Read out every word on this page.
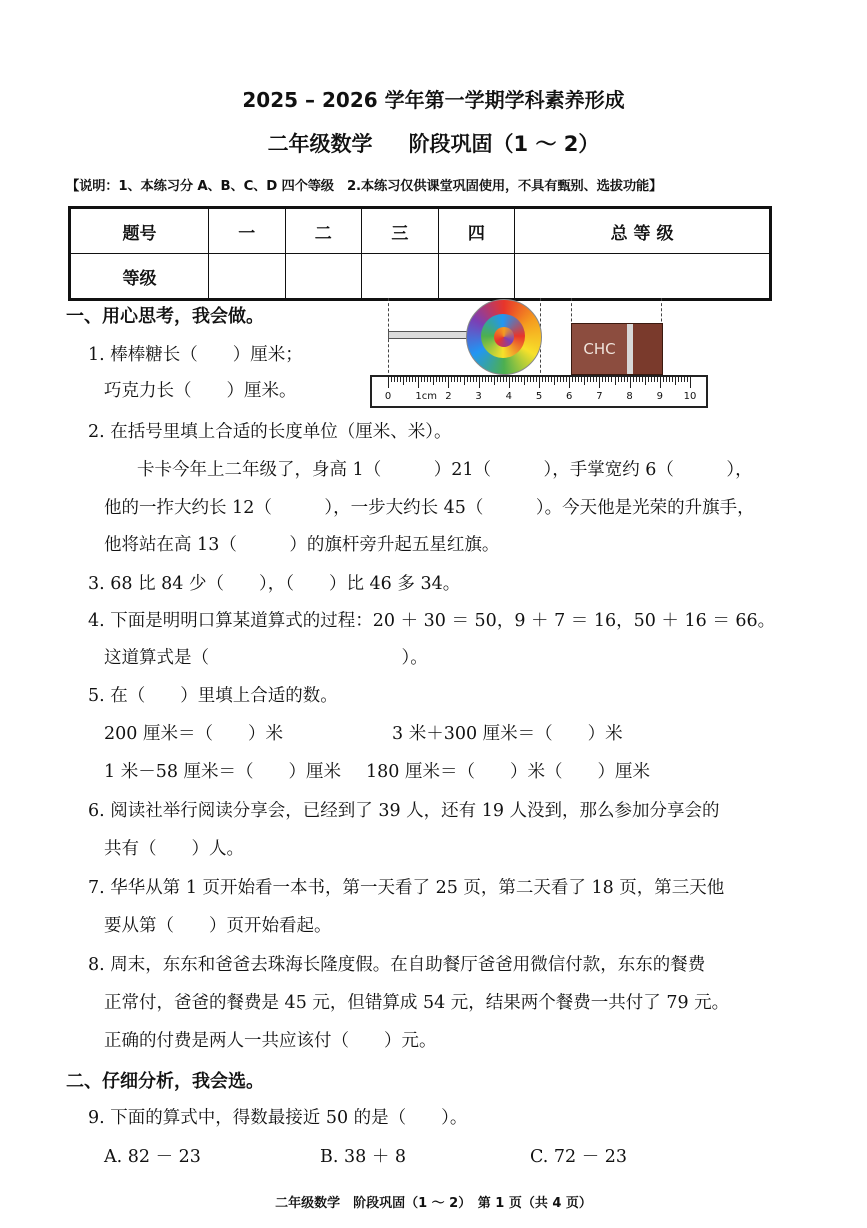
2025 – 2026 学年第一学期学科素养形成
二年级数学 阶段巩固（1 ～ 2）
【说明：1、本练习分 A、B、C、D 四个等级　2.本练习仅供课堂巩固使用，不具有甄别、选拔功能】
题号	一	二	三	四	总 等 级
等级					
CHC
0 1cm 2 3 4 5 6 7 8 9 10
一、用心思考，我会做。
1. 棒棒糖长（　　）厘米；
巧克力长（　　）厘米。
2. 在括号里填上合适的长度单位（厘米、米）。
卡卡今年上二年级了，身高 1（　　　）21（　　　），手掌宽约 6（　　　），
他的一拃大约长 12（　　　），一步大约长 45（　　　）。今天他是光荣的升旗手，
他将站在高 13（　　　）的旗杆旁升起五星红旗。
3. 68 比 84 少（　　），（　　）比 46 多 34。
4. 下面是明明口算某道算式的过程：20 ＋ 30 ＝ 50，9 ＋ 7 ＝ 16，50 ＋ 16 ＝ 66。
这道算式是（　　　　　　　　　　　）。
5. 在（　　）里填上合适的数。
200 厘米＝（　　）米	3 米＋300 厘米＝（　　）米
1 米－58 厘米＝（　　）厘米 180 厘米＝（　　）米（　　）厘米
6. 阅读社举行阅读分享会，已经到了 39 人，还有 19 人没到，那么参加分享会的
共有（　　）人。
7. 华华从第 1 页开始看一本书，第一天看了 25 页，第二天看了 18 页，第三天他
要从第（　　）页开始看起。
8. 周末，东东和爸爸去珠海长隆度假。在自助餐厅爸爸用微信付款，东东的餐费
正常付，爸爸的餐费是 45 元，但错算成 54 元，结果两个餐费一共付了 79 元。
正确的付费是两人一共应该付（　　）元。
二、仔细分析，我会选。
9. 下面的算式中，得数最接近 50 的是（　　）。
A. 82 － 23	B. 38 ＋ 8	C. 72 － 23
二年级数学　阶段巩固（1 ～ 2）　第 1 页（共 4 页）
